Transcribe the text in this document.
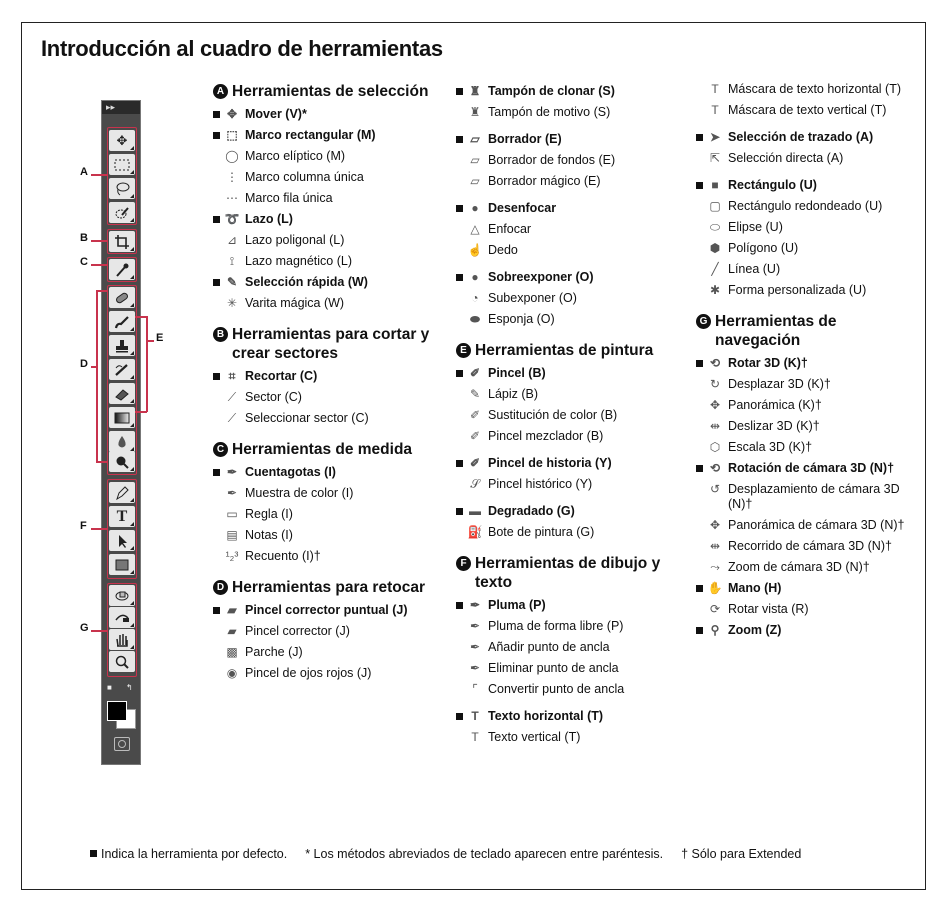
Introducción al cuadro de herramientas
▸▸
✥
T
■ ↰
A
B
C
D
E
F
G
A Herramientas de selección
✥ Mover (V)*
⬚ Marco rectangular (M)
◯ Marco elíptico (M)
⋮ Marco columna única
⋯ Marco fila única
➰ Lazo (L)
⊿ Lazo poligonal (L)
⟟ Lazo magnético (L)
✎ Selección rápida (W)
✳ Varita mágica (W)
B Herramientas para cortar y crear sectores
⌗ Recortar (C)
⟋ Sector (C)
⟋ Seleccionar sector (C)
C Herramientas de medida
✒ Cuentagotas (I)
✒ Muestra de color (I)
▭ Regla (I)
▤ Notas (I)
¹₂³ Recuento (I)†
D Herramientas para retocar
▰ Pincel corrector puntual (J)
▰ Pincel corrector (J)
▩ Parche (J)
◉ Pincel de ojos rojos (J)
♜ Tampón de clonar (S)
♜ Tampón de motivo (S)
▱ Borrador (E)
▱ Borrador de fondos (E)
▱ Borrador mágico (E)
● Desenfocar
△ Enfocar
☝ Dedo
● Sobreexponer (O)
◔ Subexponer (O)
⬬ Esponja (O)
E Herramientas de pintura
✐ Pincel (B)
✎ Lápiz (B)
✐ Sustitución de color (B)
✐ Pincel mezclador (B)
✐ Pincel de historia (Y)
𝒮 Pincel histórico (Y)
▬ Degradado (G)
⛽ Bote de pintura (G)
F Herramientas de dibujo y texto
✒ Pluma (P)
✒ Pluma de forma libre (P)
✒ Añadir punto de ancla
✒ Eliminar punto de ancla
⌜ Convertir punto de ancla
T Texto horizontal (T)
T Texto vertical (T)
T Máscara de texto horizontal (T)
T Máscara de texto vertical (T)
➤ Selección de trazado (A)
⇱ Selección directa (A)
■ Rectángulo (U)
▢ Rectángulo redondeado (U)
⬭ Elipse (U)
⬢ Polígono (U)
╱ Línea (U)
✱ Forma personalizada (U)
G Herramientas de navegación
⟲ Rotar 3D (K)†
↻ Desplazar 3D (K)†
✥ Panorámica (K)†
⇹ Deslizar 3D (K)†
⬡ Escala 3D (K)†
⟲ Rotación de cámara 3D (N)†
↺ Desplazamiento de cámara 3D (N)†
✥ Panorámica de cámara 3D (N)†
⇹ Recorrido de cámara 3D (N)†
⤳ Zoom de cámara 3D (N)†
✋ Mano (H)
⟳ Rotar vista (R)
⚲ Zoom (Z)
Indica la herramienta por defecto. * Los métodos abreviados de teclado aparecen entre paréntesis. † Sólo para Extended
